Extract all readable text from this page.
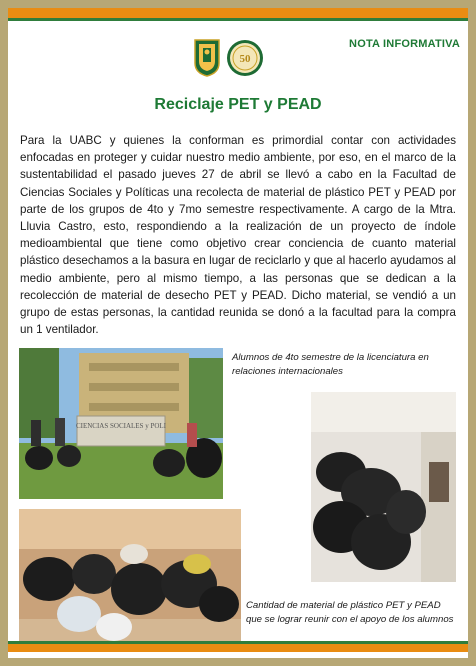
NOTA INFORMATIVA
50
Reciclaje PET y PEAD
Para la UABC y quienes la conforman es primordial contar con actividades enfocadas en proteger y cuidar nuestro medio ambiente, por eso, en el marco de la sustentabilidad el pasado jueves 27 de abril se llevó a cabo en la Facultad de Ciencias Sociales y Políticas una recolecta de material de plástico PET y PEAD por parte de los grupos de 4to y 7mo semestre respectivamente. A cargo de la Mtra. Lluvia Castro, esto, respondiendo a la realización de un proyecto de índole medioambiental que tiene como objetivo crear conciencia de cuanto material plástico desechamos a la basura en lugar de reciclarlo y que al hacerlo ayudamos al medio ambiente, pero al mismo tiempo, a las personas que se dedican a la recolección de material de desecho PET y PEAD. Dicho material, se vendió a un grupo de estas personas, la cantidad reunida se donó a la facultad para la compra un 1 ventilador.
CIENCIAS SOCIALES y POLI
Alumnos de 4to semestre de la licenciatura en relaciones internacionales
Cantidad de material de plástico PET y PEAD que se lograr reunir con el apoyo de los alumnos
